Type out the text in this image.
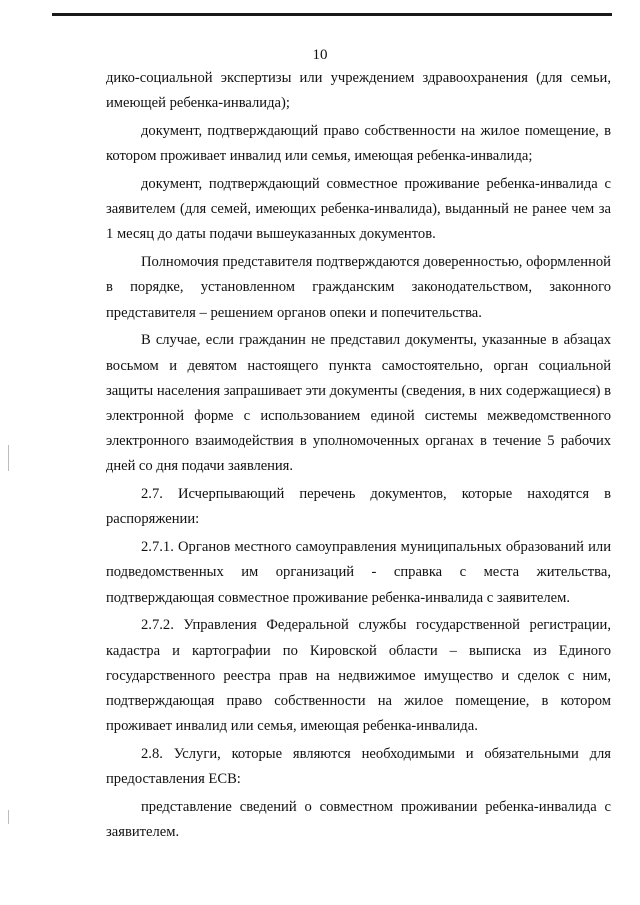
10

дико-социальной экспертизы или учреждением здравоохранения (для семьи, имеющей ребенка-инвалида);

документ, подтверждающий право собственности на жилое помещение, в котором проживает инвалид или семья, имеющая ребенка-инвалида;

документ, подтверждающий совместное проживание ребенка-инвалида с заявителем (для семей, имеющих ребенка-инвалида), выданный не ранее чем за 1 месяц до даты подачи вышеуказанных документов.

Полномочия представителя подтверждаются доверенностью, оформленной в порядке, установленном гражданским законодательством, законного представителя – решением органов опеки и попечительства.

В случае, если гражданин не представил документы, указанные в абзацах восьмом и девятом настоящего пункта самостоятельно, орган социальной защиты населения запрашивает эти документы (сведения, в них содержащиеся) в электронной форме с использованием единой системы межведомственного электронного взаимодействия в уполномоченных органах в течение 5 рабочих дней со дня подачи заявления.

2.7. Исчерпывающий перечень документов, которые находятся в распоряжении:

2.7.1. Органов местного самоуправления муниципальных образований или подведомственных им организаций - справка с места жительства, подтверждающая совместное проживание ребенка-инвалида с заявителем.

2.7.2. Управления Федеральной службы государственной регистрации, кадастра и картографии по Кировской области – выписка из Единого государственного реестра прав на недвижимое имущество и сделок с ним, подтверждающая право собственности на жилое помещение, в котором проживает инвалид или семья, имеющая ребенка-инвалида.

2.8. Услуги, которые являются необходимыми и обязательными для предоставления ЕСВ:

представление сведений о совместном проживании ребенка-инвалида с заявителем.
